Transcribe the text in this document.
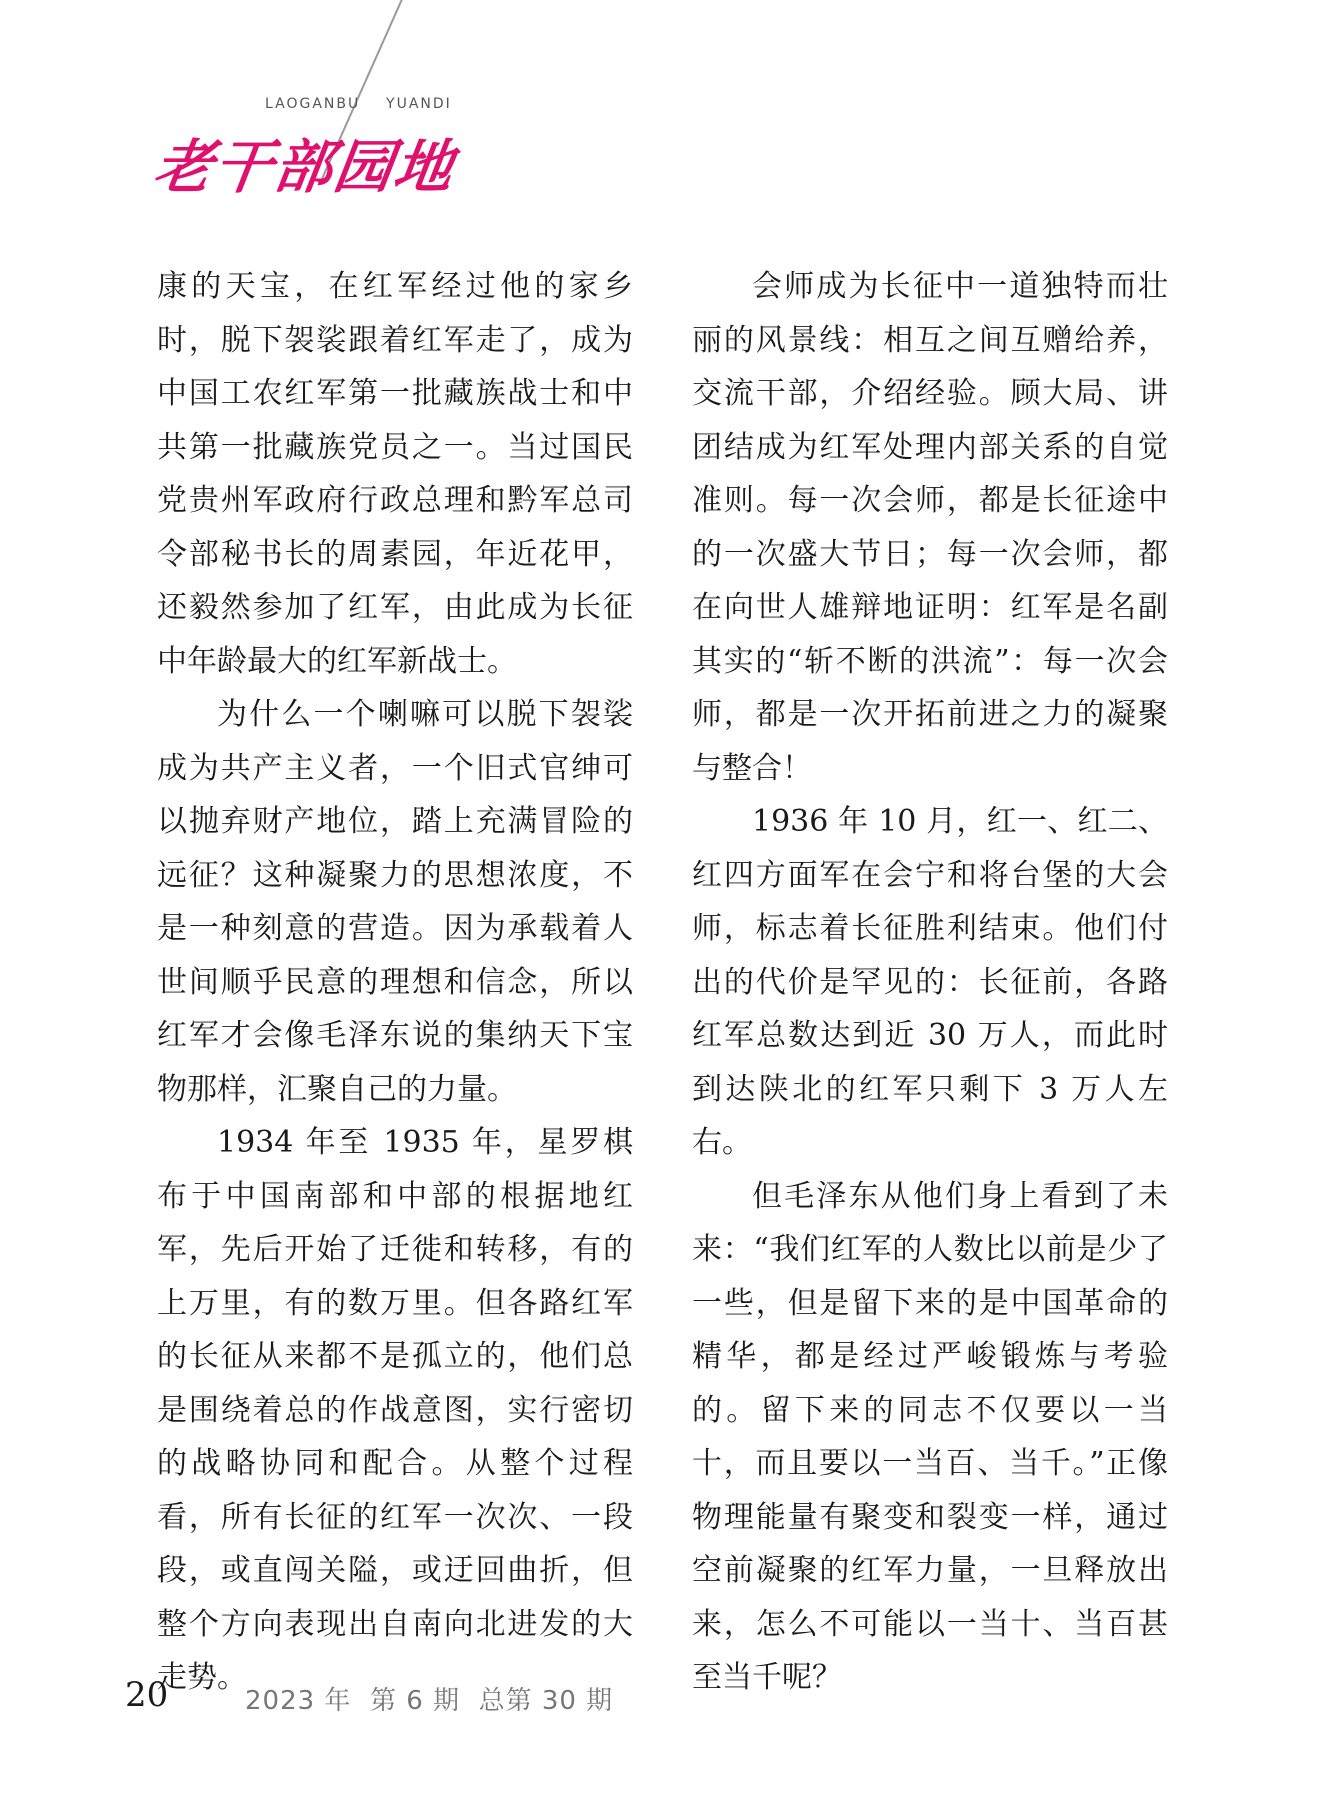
LAOGANBU    YUANDI
老干部园地

康的天宝，在红军经过他的家乡时，脱下袈裟跟着红军走了，成为中国工农红军第一批藏族战士和中共第一批藏族党员之一。当过国民党贵州军政府行政总理和黔军总司令部秘书长的周素园，年近花甲，还毅然参加了红军，由此成为长征中年龄最大的红军新战士。

为什么一个喇嘛可以脱下袈裟成为共产主义者，一个旧式官绅可以抛弃财产地位，踏上充满冒险的远征？这种凝聚力的思想浓度，不是一种刻意的营造。因为承载着人世间顺乎民意的理想和信念，所以红军才会像毛泽东说的集纳天下宝物那样，汇聚自己的力量。

1934 年至 1935 年，星罗棋布于中国南部和中部的根据地红军，先后开始了迁徙和转移，有的上万里，有的数万里。但各路红军的长征从来都不是孤立的，他们总是围绕着总的作战意图，实行密切的战略协同和配合。从整个过程看，所有长征的红军一次次、一段段，或直闯关隘，或迂回曲折，但整个方向表现出自南向北进发的大走势。

会师成为长征中一道独特而壮丽的风景线：相互之间互赠给养，交流干部，介绍经验。顾大局、讲团结成为红军处理内部关系的自觉准则。每一次会师，都是长征途中的一次盛大节日；每一次会师，都在向世人雄辩地证明：红军是名副其实的“斩不断的洪流”：每一次会师，都是一次开拓前进之力的凝聚与整合！

1936 年 10 月，红一、红二、红四方面军在会宁和将台堡的大会师，标志着长征胜利结束。他们付出的代价是罕见的：长征前，各路红军总数达到近 30 万人，而此时到达陕北的红军只剩下 3 万人左右。

但毛泽东从他们身上看到了未来：“我们红军的人数比以前是少了一些，但是留下来的是中国革命的精华，都是经过严峻锻炼与考验的。留下来的同志不仅要以一当十，而且要以一当百、当千。”正像物理能量有聚变和裂变一样，通过空前凝聚的红军力量，一旦释放出来，怎么不可能以一当十、当百甚至当千呢？

20	2023 年  第 6 期  总第 30 期
